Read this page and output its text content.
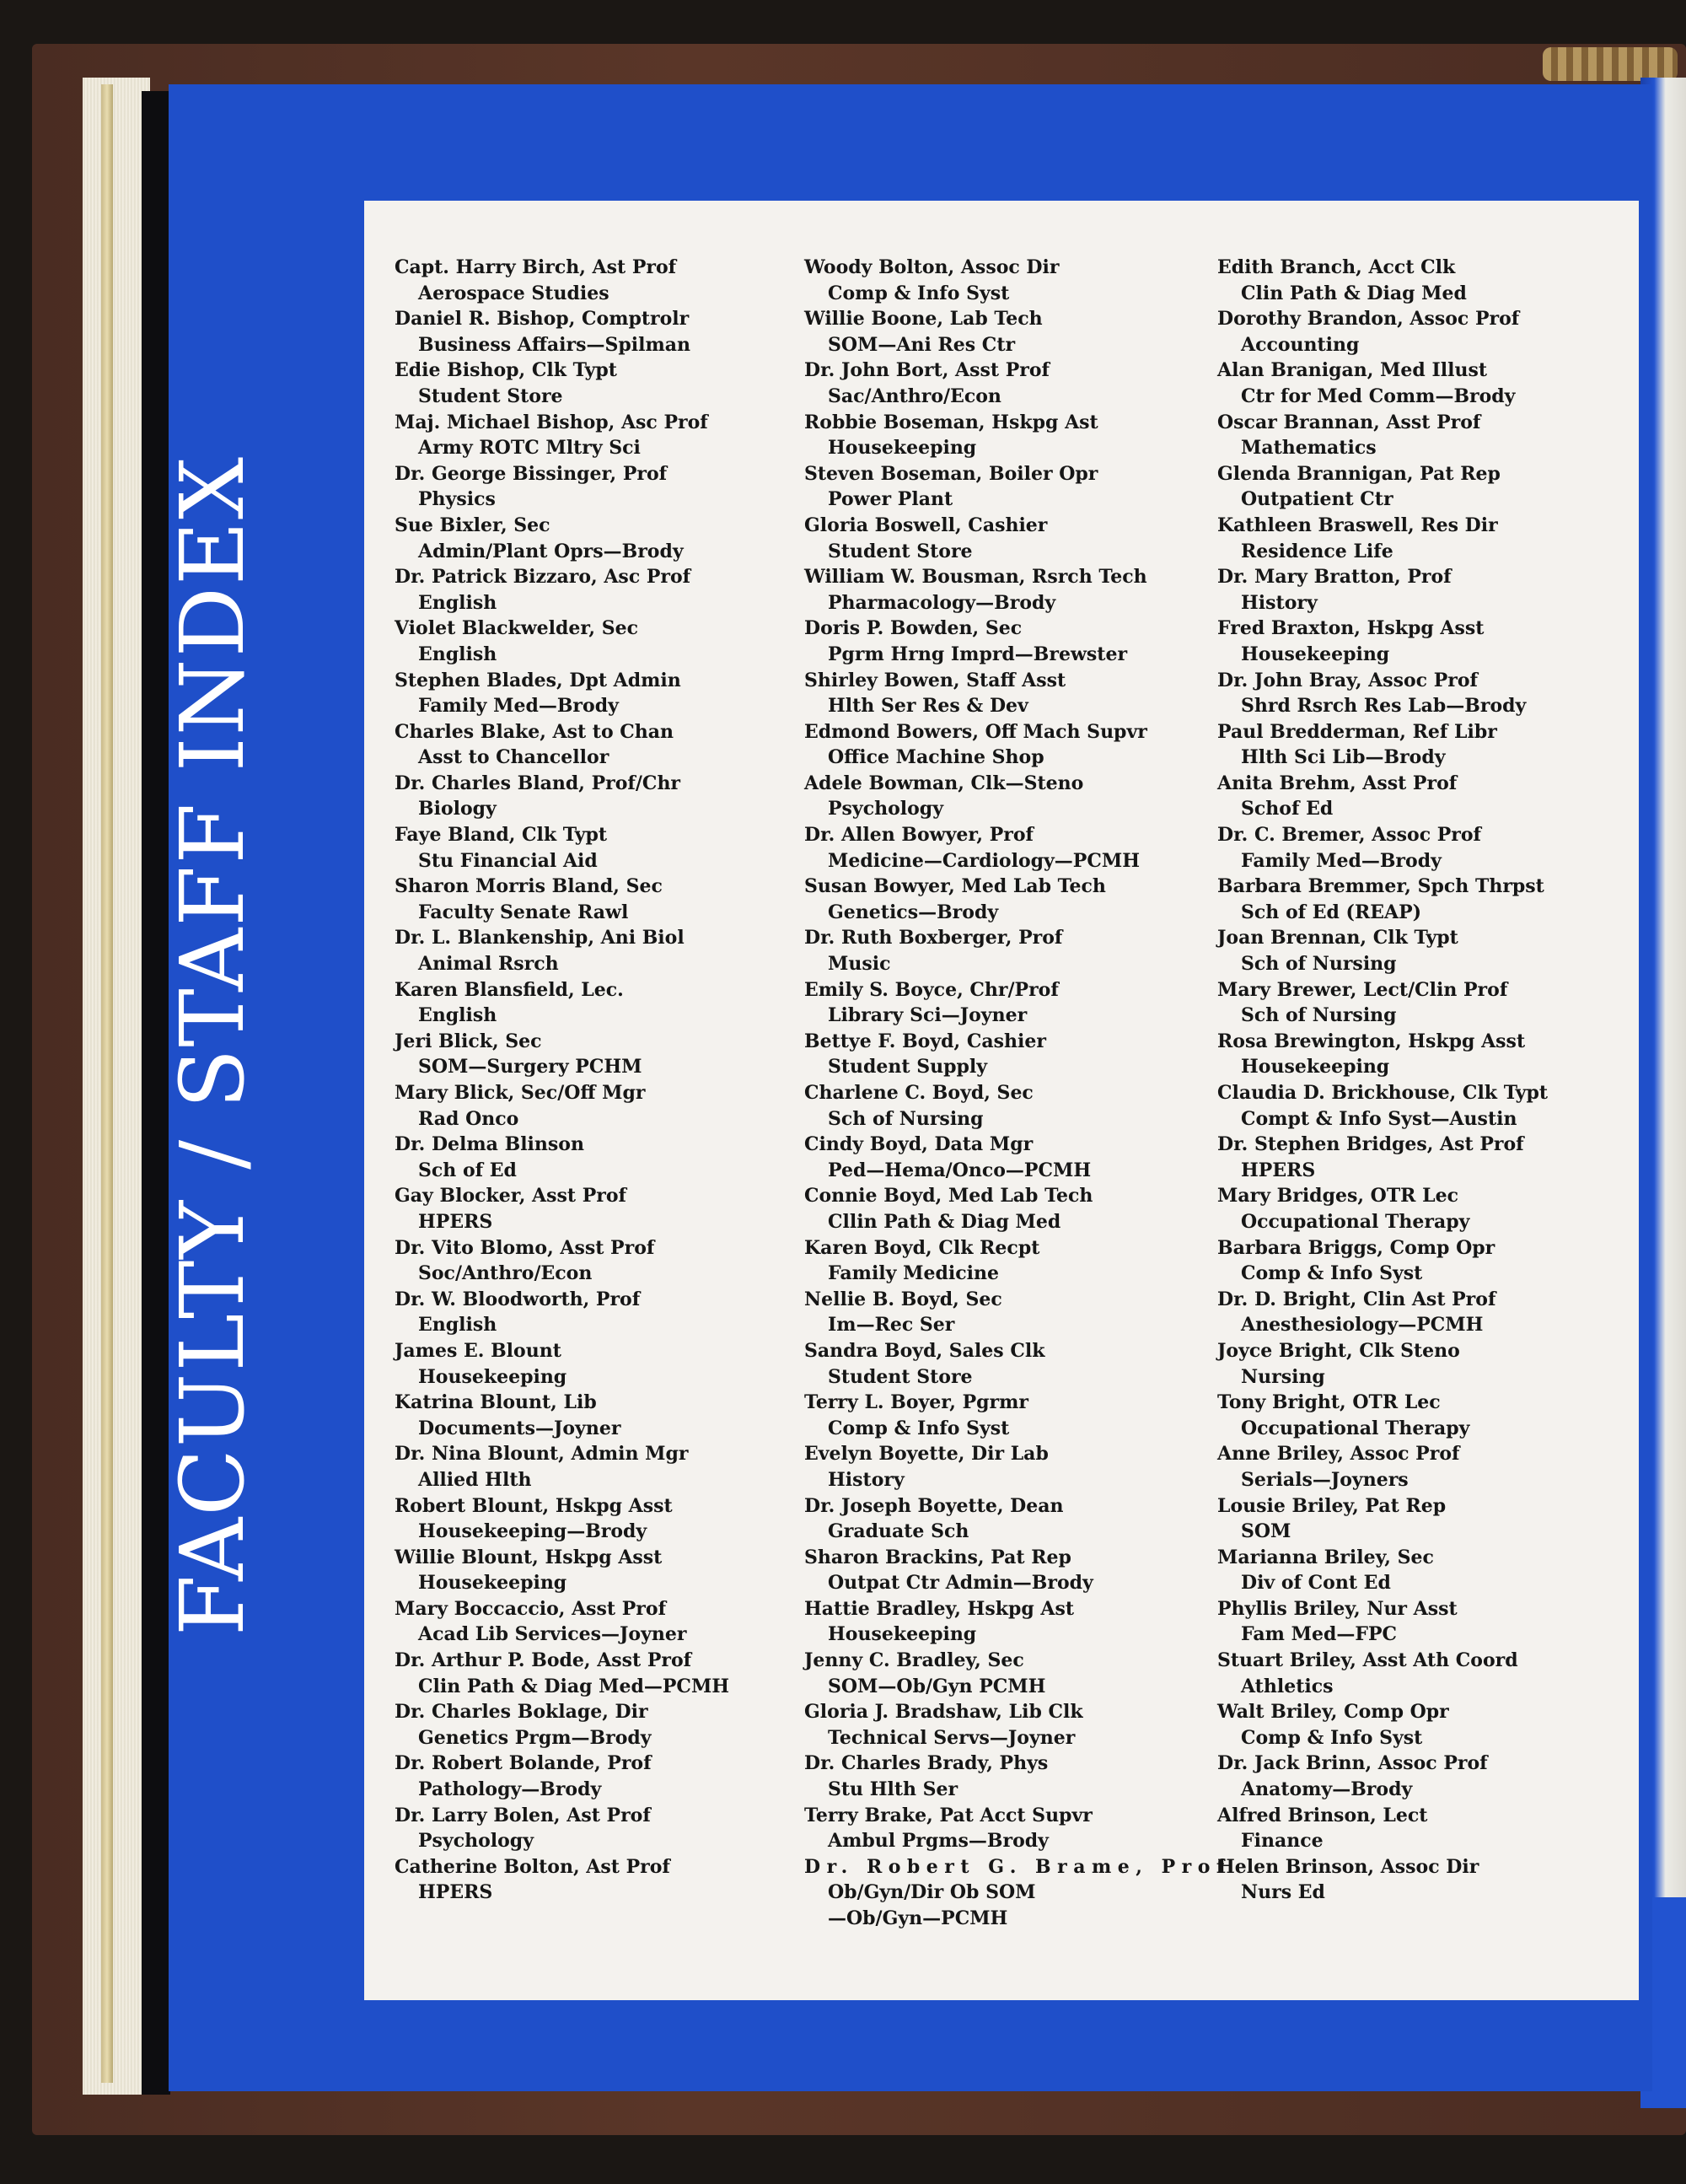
FACULTY / STAFF INDEX
Capt. Harry Birch, Ast Prof
Aerospace Studies
Daniel R. Bishop, Comptrolr
Business Affairs—Spilman
Edie Bishop, Clk Typt
Student Store
Maj. Michael Bishop, Asc Prof
Army ROTC Mltry Sci
Dr. George Bissinger, Prof
Physics
Sue Bixler, Sec
Admin/Plant Oprs—Brody
Dr. Patrick Bizzaro, Asc Prof
English
Violet Blackwelder, Sec
English
Stephen Blades, Dpt Admin
Family Med—Brody
Charles Blake, Ast to Chan
Asst to Chancellor
Dr. Charles Bland, Prof/Chr
Biology
Faye Bland, Clk Typt
Stu Financial Aid
Sharon Morris Bland, Sec
Faculty Senate Rawl
Dr. L. Blankenship, Ani Biol
Animal Rsrch
Karen Blansfield, Lec.
English
Jeri Blick, Sec
SOM—Surgery PCHM
Mary Blick, Sec/Off Mgr
Rad Onco
Dr. Delma Blinson
Sch of Ed
Gay Blocker, Asst Prof
HPERS
Dr. Vito Blomo, Asst Prof
Soc/Anthro/Econ
Dr. W. Bloodworth, Prof
English
James E. Blount
Housekeeping
Katrina Blount, Lib
Documents—Joyner
Dr. Nina Blount, Admin Mgr
Allied Hlth
Robert Blount, Hskpg Asst
Housekeeping—Brody
Willie Blount, Hskpg Asst
Housekeeping
Mary Boccaccio, Asst Prof
Acad Lib Services—Joyner
Dr. Arthur P. Bode, Asst Prof
Clin Path & Diag Med—PCMH
Dr. Charles Boklage, Dir
Genetics Prgm—Brody
Dr. Robert Bolande, Prof
Pathology—Brody
Dr. Larry Bolen, Ast Prof
Psychology
Catherine Bolton, Ast Prof
HPERS
Woody Bolton, Assoc Dir
Comp & Info Syst
Willie Boone, Lab Tech
SOM—Ani Res Ctr
Dr. John Bort, Asst Prof
Sac/Anthro/Econ
Robbie Boseman, Hskpg Ast
Housekeeping
Steven Boseman, Boiler Opr
Power Plant
Gloria Boswell, Cashier
Student Store
William W. Bousman, Rsrch Tech
Pharmacology—Brody
Doris P. Bowden, Sec
Pgrm Hrng Imprd—Brewster
Shirley Bowen, Staff Asst
Hlth Ser Res & Dev
Edmond Bowers, Off Mach Supvr
Office Machine Shop
Adele Bowman, Clk—Steno
Psychology
Dr. Allen Bowyer, Prof
Medicine—Cardiology—PCMH
Susan Bowyer, Med Lab Tech
Genetics—Brody
Dr. Ruth Boxberger, Prof
Music
Emily S. Boyce, Chr/Prof
Library Sci—Joyner
Bettye F. Boyd, Cashier
Student Supply
Charlene C. Boyd, Sec
Sch of Nursing
Cindy Boyd, Data Mgr
Ped—Hema/Onco—PCMH
Connie Boyd, Med Lab Tech
Cllin Path & Diag Med
Karen Boyd, Clk Recpt
Family Medicine
Nellie B. Boyd, Sec
Im—Rec Ser
Sandra Boyd, Sales Clk
Student Store
Terry L. Boyer, Pgrmr
Comp & Info Syst
Evelyn Boyette, Dir Lab
History
Dr. Joseph Boyette, Dean
Graduate Sch
Sharon Brackins, Pat Rep
Outpat Ctr Admin—Brody
Hattie Bradley, Hskpg Ast
Housekeeping
Jenny C. Bradley, Sec
SOM—Ob/Gyn PCMH
Gloria J. Bradshaw, Lib Clk
Technical Servs—Joyner
Dr. Charles Brady, Phys
Stu Hlth Ser
Terry Brake, Pat Acct Supvr
Ambul Prgms—Brody
Dr. Robert G. Brame, Prof
Ob/Gyn/Dir Ob SOM—Ob/Gyn—PCMH
Edith Branch, Acct Clk
Clin Path & Diag Med
Dorothy Brandon, Assoc Prof
Accounting
Alan Branigan, Med Illust
Ctr for Med Comm—Brody
Oscar Brannan, Asst Prof
Mathematics
Glenda Brannigan, Pat Rep
Outpatient Ctr
Kathleen Braswell, Res Dir
Residence Life
Dr. Mary Bratton, Prof
History
Fred Braxton, Hskpg Asst
Housekeeping
Dr. John Bray, Assoc Prof
Shrd Rsrch Res Lab—Brody
Paul Bredderman, Ref Libr
Hlth Sci Lib—Brody
Anita Brehm, Asst Prof
Schof Ed
Dr. C. Bremer, Assoc Prof
Family Med—Brody
Barbara Bremmer, Spch Thrpst
Sch of Ed (REAP)
Joan Brennan, Clk Typt
Sch of Nursing
Mary Brewer, Lect/Clin Prof
Sch of Nursing
Rosa Brewington, Hskpg Asst
Housekeeping
Claudia D. Brickhouse, Clk Typt
Compt & Info Syst—Austin
Dr. Stephen Bridges, Ast Prof
HPERS
Mary Bridges, OTR Lec
Occupational Therapy
Barbara Briggs, Comp Opr
Comp & Info Syst
Dr. D. Bright, Clin Ast Prof
Anesthesiology—PCMH
Joyce Bright, Clk Steno
Nursing
Tony Bright, OTR Lec
Occupational Therapy
Anne Briley, Assoc Prof
Serials—Joyners
Lousie Briley, Pat Rep
SOM
Marianna Briley, Sec
Div of Cont Ed
Phyllis Briley, Nur Asst
Fam Med—FPC
Stuart Briley, Asst Ath Coord
Athletics
Walt Briley, Comp Opr
Comp & Info Syst
Dr. Jack Brinn, Assoc Prof
Anatomy—Brody
Alfred Brinson, Lect
Finance
Helen Brinson, Assoc Dir
Nurs Ed
